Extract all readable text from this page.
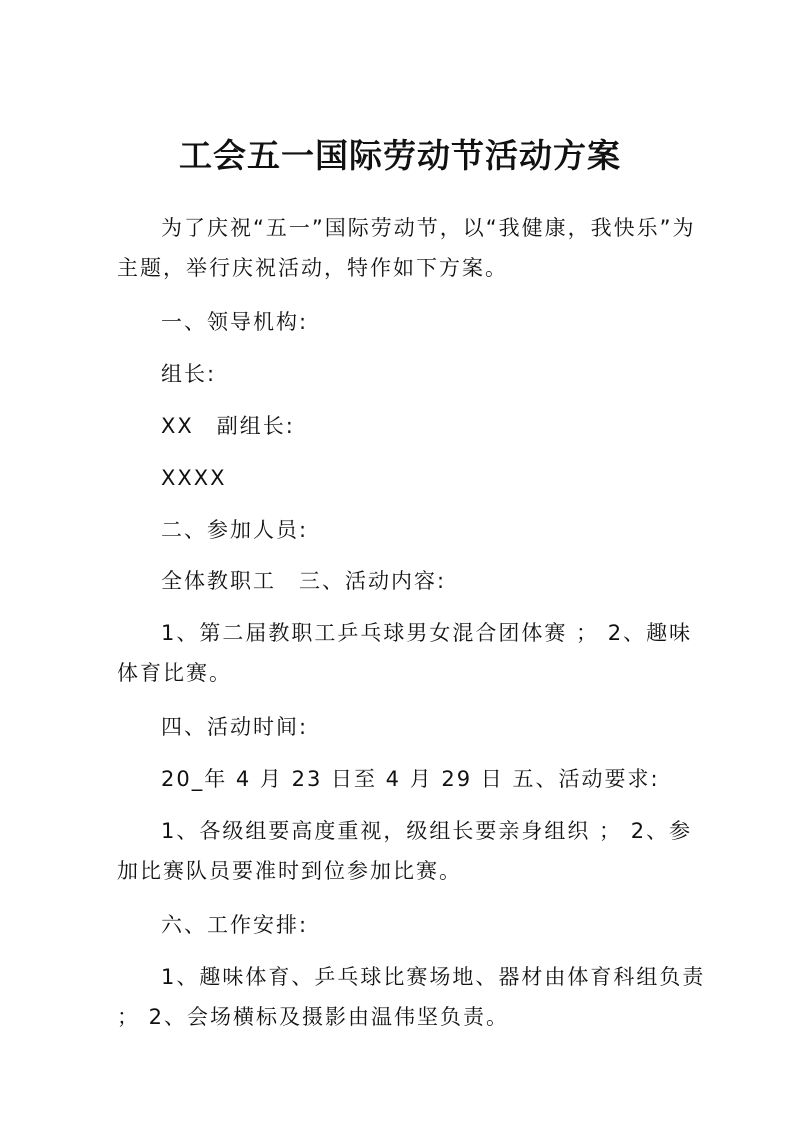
工会五一国际劳动节活动方案
为了庆祝“五一”国际劳动节，以“我健康，我快乐”为主题，举行庆祝活动，特作如下方案。
一、领导机构:
组长:
XX　副组长:
XXXX
二、参加人员:
全体教职工　三、活动内容:
1、第二届教职工乒乓球男女混合团体赛 ； 2、趣味体育比赛。
四、活动时间:
20_年 4 月 23 日至 4 月 29 日 五、活动要求:
1、各级组要高度重视，级组长要亲身组织 ； 2、参加比赛队员要准时到位参加比赛。
六、工作安排:
1、趣味体育、乒乓球比赛场地、器材由体育科组负责 ； 2、会场横标及摄影由温伟坚负责。
